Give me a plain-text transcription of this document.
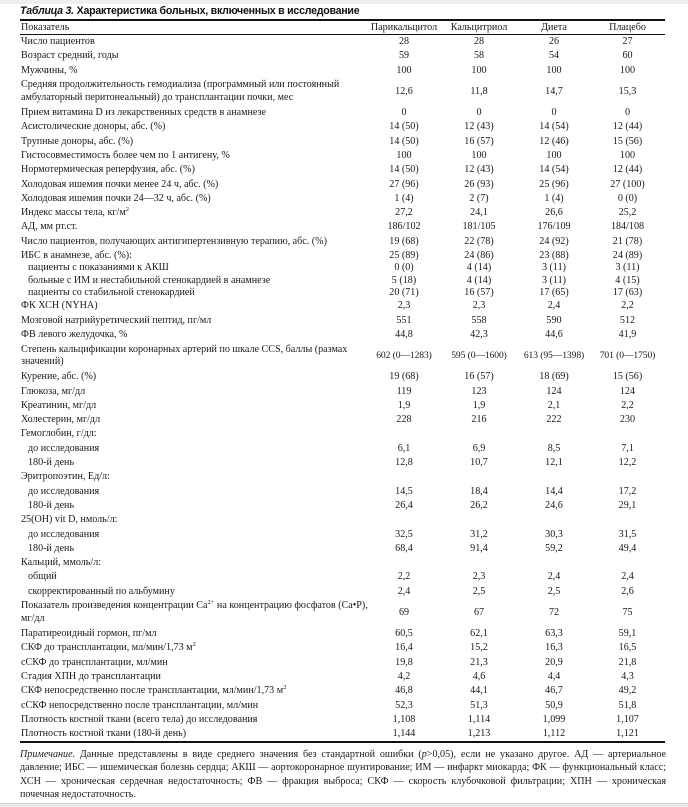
Таблица 3. Характеристика больных, включенных в исследование
Показатель	Парикальцитол	Кальцитриол	Диета	Плацебо
Число пациентов	28	28	26	27
Возраст средний, годы	59	58	54	60
Мужчины, %	100	100	100	100
Средняя продолжительность гемодиализа (программный или постоянный амбулаторный перитонеальный) до трансплантации почки, мес	12,6	11,8	14,7	15,3
Прием витамина D из лекарственных средств в анамнезе	0	0	0	0
Асистолические доноры, абс. (%)	14 (50)	12 (43)	14 (54)	12 (44)
Трупные доноры, абс. (%)	14 (50)	16 (57)	12 (46)	15 (56)
Гистосовместимость более чем по 1 антигену, %	100	100	100	100
Нормотермическая реперфузия, абс. (%)	14 (50)	12 (43)	14 (54)	12 (44)
Холодовая ишемия почки менее 24 ч, абс. (%)	27 (96)	26 (93)	25 (96)	27 (100)
Холодовая ишемия почки 24—32 ч, абс. (%)	1 (4)	2 (7)	1 (4)	0 (0)
Индекс массы тела, $кг/м^2$	27,2	24,1	26,6	25,2
АД, мм рт.ст.	186/102	181/105	176/109	184/108
Число пациентов, получающих антигипертензивную терапию, абс. (%)	19 (68)	22 (78)	24 (92)	21 (78)
ИБС в анамнезе, абс. (%):	25 (89)	24 (86)	23 (88)	24 (89)
пациенты с показаниями к АКШ	0 (0)	4 (14)	3 (11)	3 (11)
больные с ИМ и нестабильной стенокардией в анамнезе	5 (18)	4 (14)	3 (11)	4 (15)
пациенты со стабильной стенокардией	20 (71)	16 (57)	17 (65)	17 (63)
ФК ХСН (NYHA)	2,3	2,3	2,4	2,2
Мозговой натрийуретический пептид, пг/мл	551	558	590	512
ФВ левого желудочка, %	44,8	42,3	44,6	41,9
Степень кальцификации коронарных артерий по шкале CCS, баллы (размах значений)	602 (0—1283)	595 (0—1600)	613 (95—1398)	701 (0—1750)
Курение, абс. (%)	19 (68)	16 (57)	18 (69)	15 (56)
Глюкоза, мг/дл	119	123	124	124
Креатинин, мг/дл	1,9	1,9	2,1	2,2
Холестерин, мг/дл	228	216	222	230
Гемоглобин, г/дл:				
до исследования	6,1	6,9	8,5	7,1
180-й день	12,8	10,7	12,1	12,2
Эритропоэтин, Ед/л:				
до исследования	14,5	18,4	14,4	17,2
180-й день	26,4	26,2	24,6	29,1
25(OH) vit D, нмоль/л:				
до исследования	32,5	31,2	30,3	31,5
180-й день	68,4	91,4	59,2	49,4
Кальций, ммоль/л:				
общий	2,2	2,3	2,4	2,4
скорректированный по альбумину	2,4	2,5	2,5	2,6
Показатель произведения концентрации $Ca^{2+}$ на концентрацию фосфатов (Ca•P), мг/дл	69	67	72	75
Паратиреоидный гормон, пг/мл	60,5	62,1	63,3	59,1
СКФ до трансплантации, мл/мин/1,73 $м^2$	16,4	15,2	16,3	16,5
сСКФ до трансплантации, мл/мин	19,8	21,3	20,9	21,8
Стадия ХПН до трансплантации	4,2	4,6	4,4	4,3
СКФ непосредственно после трансплантации, мл/мин/1,73 $м^2$	46,8	44,1	46,7	49,2
сСКФ непосредственно после трансплантации, мл/мин	52,3	51,3	50,9	51,8
Плотность костной ткани (всего тела) до исследования	1,108	1,114	1,099	1,107
Плотность костной ткани (180-й день)	1,144	1,213	1,112	1,121
Примечание. Данные представлены в виде среднего значения без стандартной ошибки (p>0,05), если не указано другое. АД — артериальное давление; ИБС — ишемическая болезнь сердца; АКШ — аортокоронарное шунтирование; ИМ — инфаркт миокарда; ФК — функциональный класс; ХСН — хроническая сердечная недостаточность; ФВ — фракция выброса; СКФ — скорость клубочковой фильтрации; ХПН — хроническая почечная недостаточность.
